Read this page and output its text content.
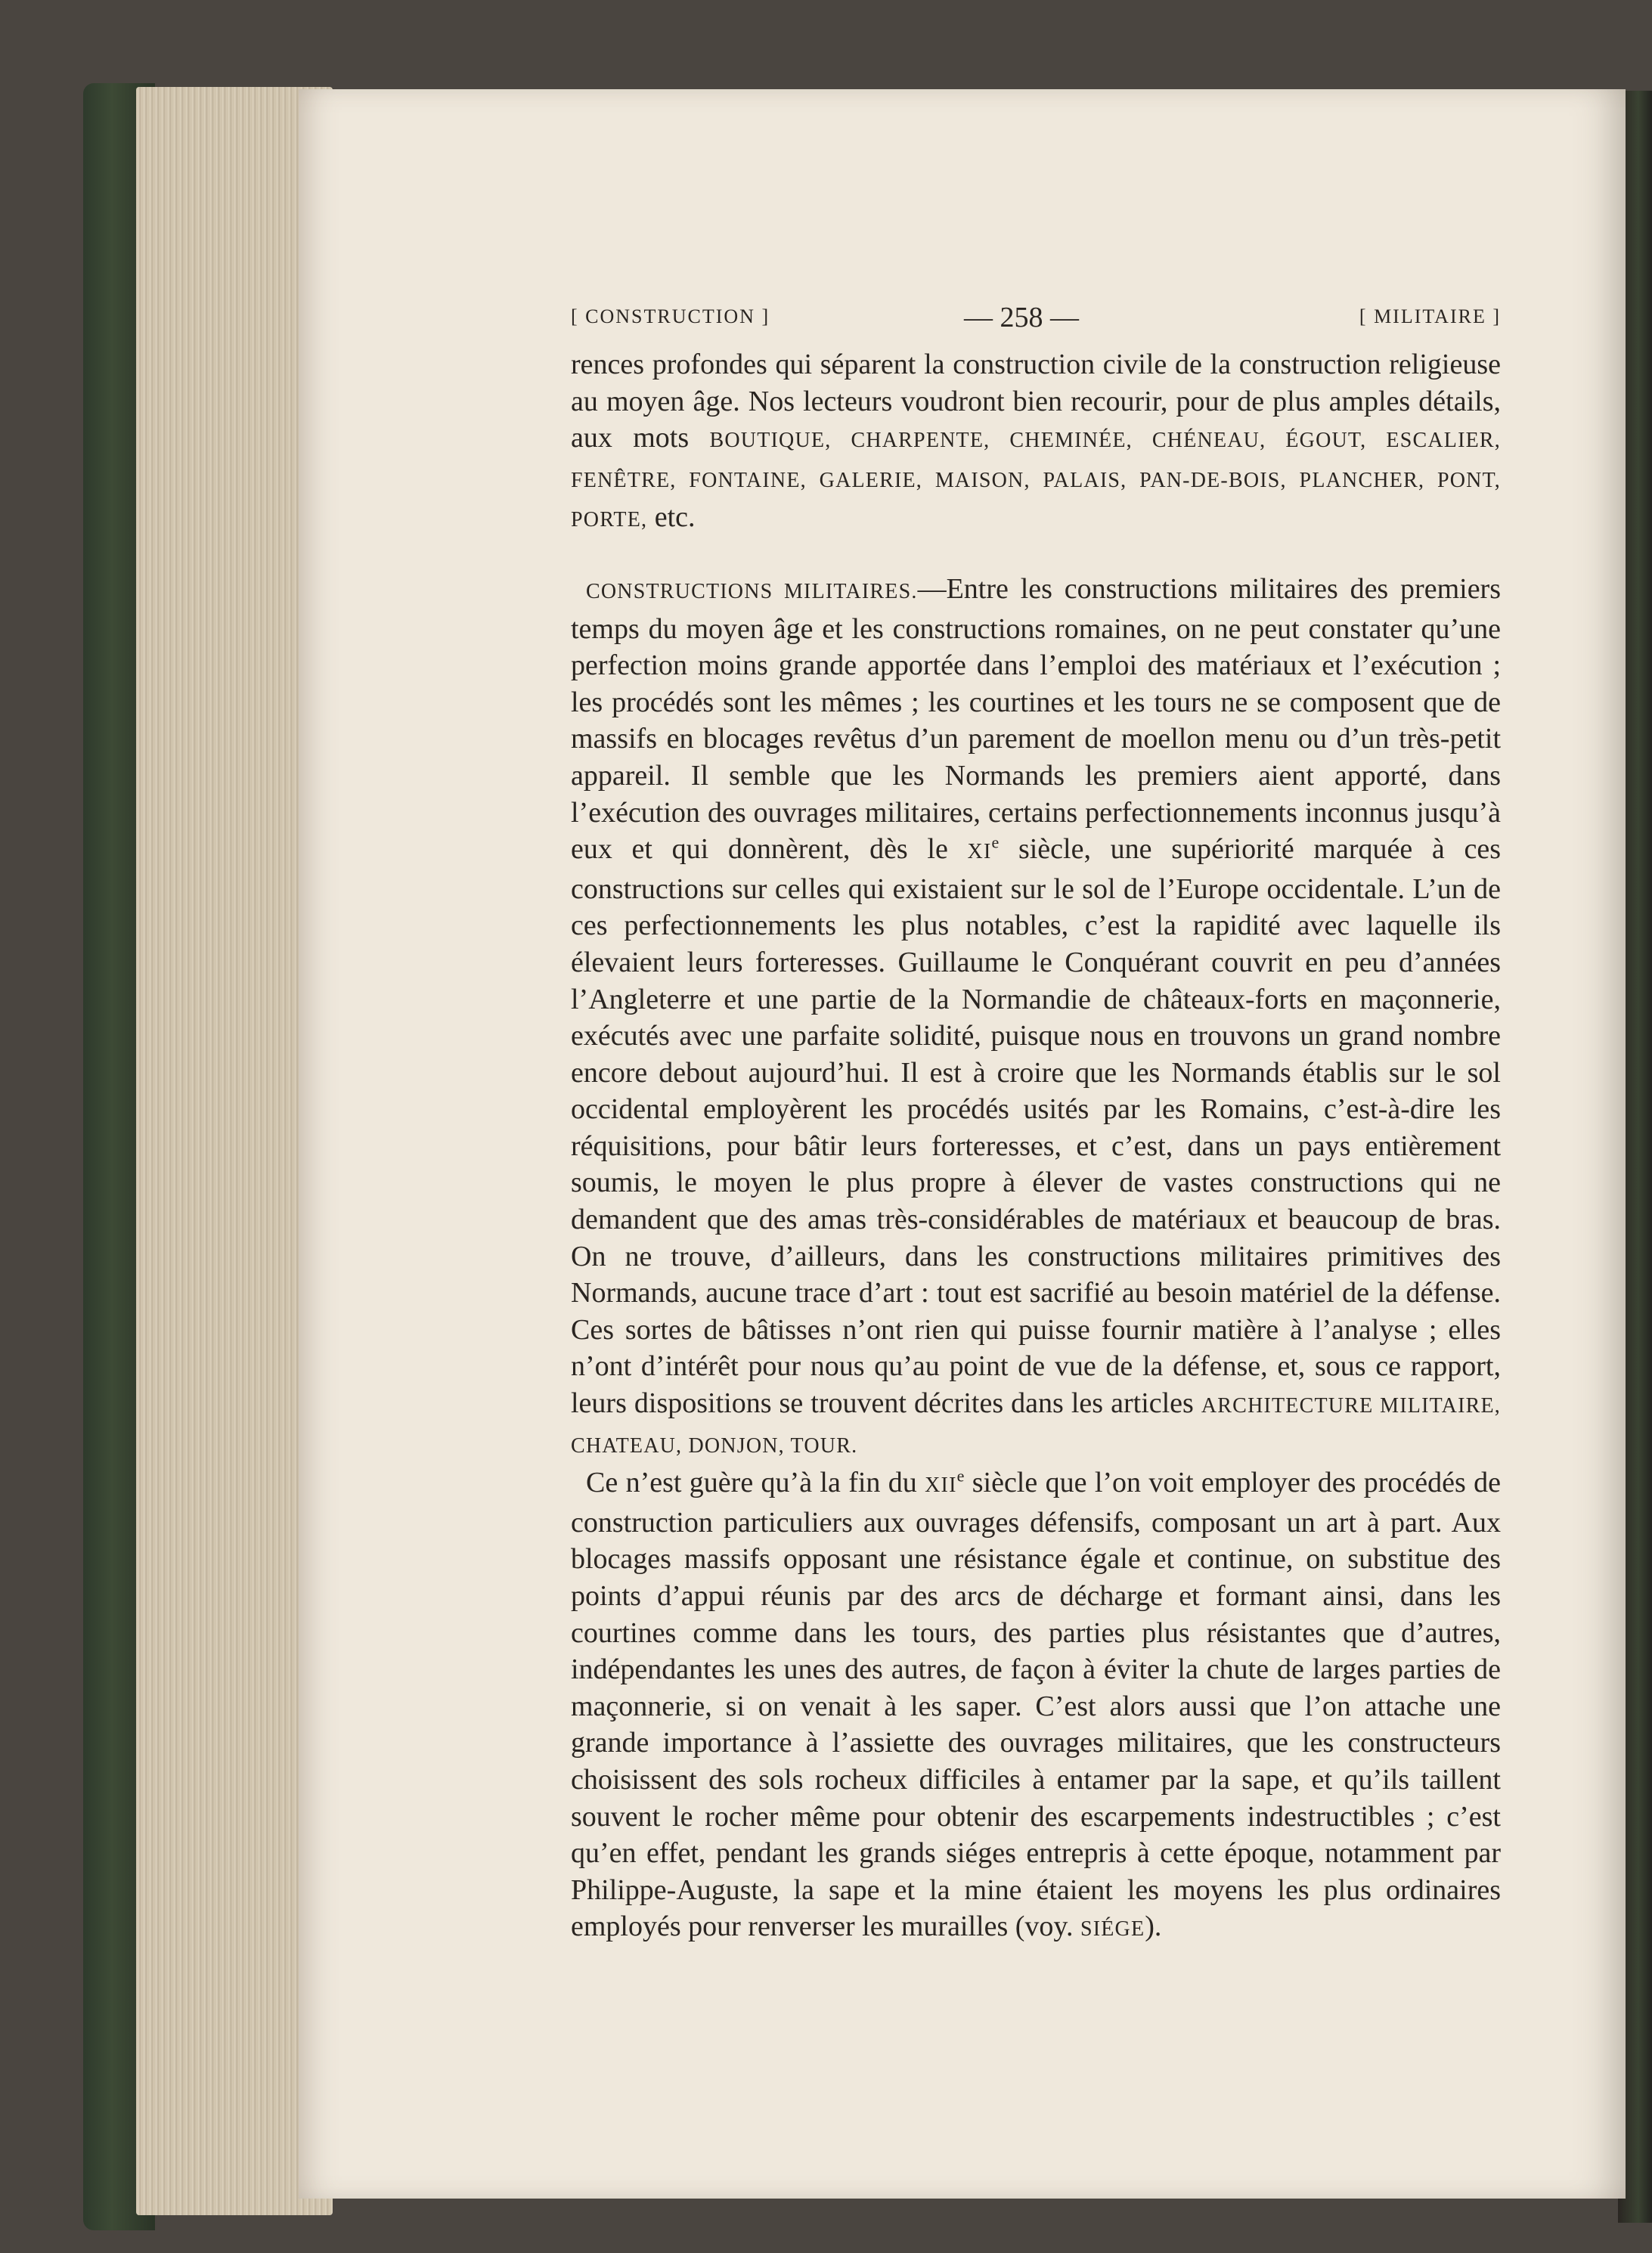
[ CONSTRUCTION ]	— 258 —	[ MILITAIRE ]

rences profondes qui séparent la construction civile de la construction religieuse au moyen âge. Nos lecteurs voudront bien recourir, pour de plus amples détails, aux mots BOUTIQUE, CHARPENTE, CHEMINÉE, CHÉNEAU, ÉGOUT, ESCALIER, FENÊTRE, FONTAINE, GALERIE, MAISON, PALAIS, PAN-DE-BOIS, PLANCHER, PONT, PORTE, etc.

CONSTRUCTIONS MILITAIRES.—Entre les constructions militaires des premiers temps du moyen âge et les constructions romaines, on ne peut constater qu’une perfection moins grande apportée dans l’emploi des matériaux et l’exécution ; les procédés sont les mêmes ; les courtines et les tours ne se composent que de massifs en blocages revêtus d’un parement de moellon menu ou d’un très-petit appareil. Il semble que les Normands les premiers aient apporté, dans l’exécution des ouvrages militaires, certains perfectionnements inconnus jusqu’à eux et qui donnèrent, dès le XIe siècle, une supériorité marquée à ces constructions sur celles qui existaient sur le sol de l’Europe occidentale. L’un de ces perfectionnements les plus notables, c’est la rapidité avec laquelle ils élevaient leurs forteresses. Guillaume le Conquérant couvrit en peu d’années l’Angleterre et une partie de la Normandie de châteaux-forts en maçonnerie, exécutés avec une parfaite solidité, puisque nous en trouvons un grand nombre encore debout aujourd’hui. Il est à croire que les Normands établis sur le sol occidental employèrent les procédés usités par les Romains, c’est-à-dire les réquisitions, pour bâtir leurs forteresses, et c’est, dans un pays entièrement soumis, le moyen le plus propre à élever de vastes constructions qui ne demandent que des amas très-considérables de matériaux et beaucoup de bras. On ne trouve, d’ailleurs, dans les constructions militaires primitives des Normands, aucune trace d’art : tout est sacrifié au besoin matériel de la défense. Ces sortes de bâtisses n’ont rien qui puisse fournir matière à l’analyse ; elles n’ont d’intérêt pour nous qu’au point de vue de la défense, et, sous ce rapport, leurs dispositions se trouvent décrites dans les articles ARCHITECTURE MILITAIRE, CHATEAU, DONJON, TOUR.

Ce n’est guère qu’à la fin du XIIe siècle que l’on voit employer des procédés de construction particuliers aux ouvrages défensifs, composant un art à part. Aux blocages massifs opposant une résistance égale et continue, on substitue des points d’appui réunis par des arcs de décharge et formant ainsi, dans les courtines comme dans les tours, des parties plus résistantes que d’autres, indépendantes les unes des autres, de façon à éviter la chute de larges parties de maçonnerie, si on venait à les saper. C’est alors aussi que l’on attache une grande importance à l’assiette des ouvrages militaires, que les constructeurs choisissent des sols rocheux difficiles à entamer par la sape, et qu’ils taillent souvent le rocher même pour obtenir des escarpements indestructibles ; c’est qu’en effet, pendant les grands siéges entrepris à cette époque, notamment par Philippe-Auguste, la sape et la mine étaient les moyens les plus ordinaires employés pour renverser les murailles (voy. SIÉGE).
